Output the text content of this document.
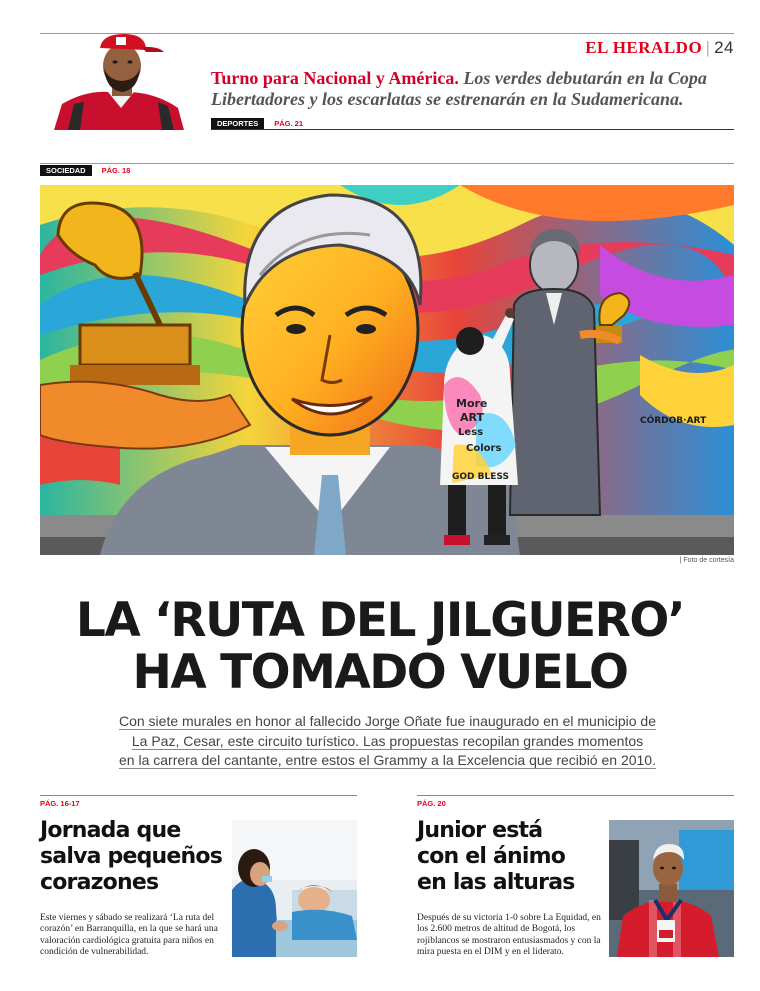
EL HERALDO | 24
Turno para Nacional y América. Los verdes debutarán en la Copa Libertadores y los escarlatas se estrenarán en la Sudamericana.
DEPORTES	PÁG. 21
SOCIEDAD	PÁG. 18
More
ART
Less
Colors
GOD BLESS
CÓRDOB·ART
| Foto de cortesía
LA ‘RUTA DEL JILGUERO’
HA TOMADO VUELO
Con siete murales en honor al fallecido Jorge Oñate fue inaugurado en el municipio de
La Paz, Cesar, este circuito turístico. Las propuestas recopilan grandes momentos
en la carrera del cantante, entre estos el Grammy a la Excelencia que recibió en 2010.
PÁG. 16-17
Jornada que
salva pequeños
corazones
Este viernes y sábado se realizará ‘La ruta del corazón’ en Barranquilla, en la que se hará una valoración cardiológica gratuita para niños en condición de vulnerabilidad.
PÁG. 20
Junior está
con el ánimo
en las alturas
Después de su victoria 1-0 sobre La Equidad, en los 2.600 metros de altitud de Bogotá, los rojiblancos se mostraron entusiasmados y con la mira puesta en el DIM y en el liderato.
